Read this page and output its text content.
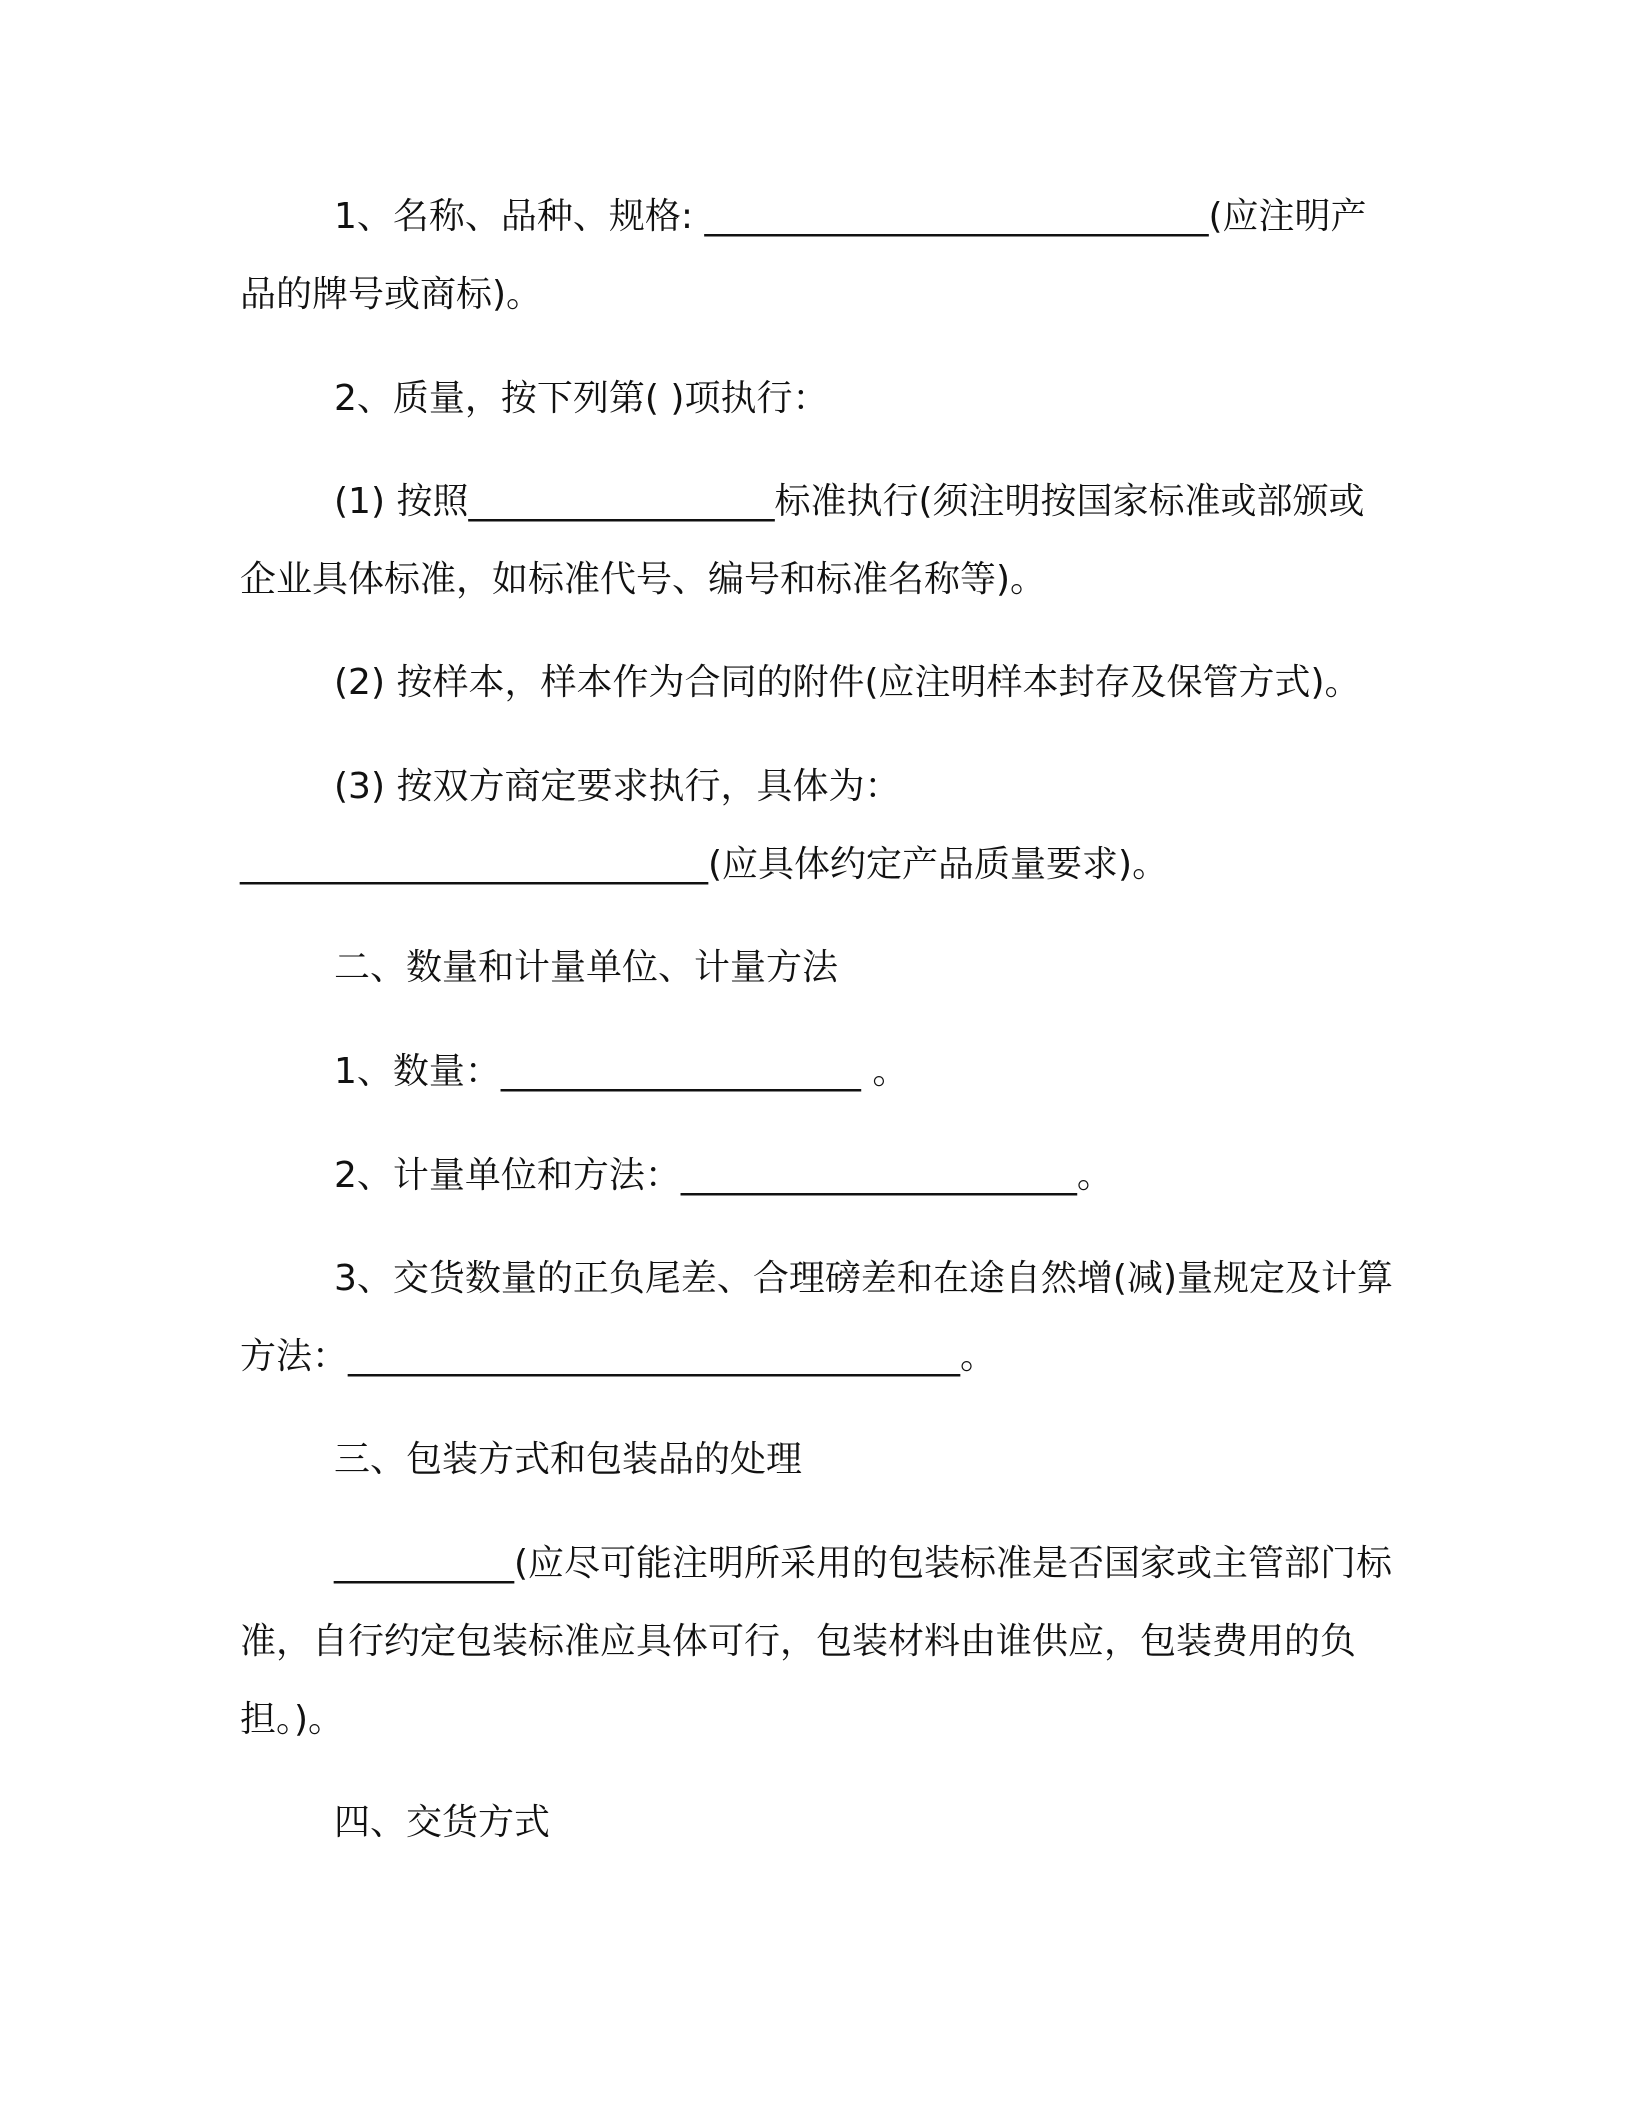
1、名称、品种、规格: ____________________________(应注明产品的牌号或商标)。

2、质量，按下列第( )项执行：

(1) 按照_________________标准执行(须注明按国家标准或部颁或企业具体标准，如标准代号、编号和标准名称等)。

(2) 按样本，样本作为合同的附件(应注明样本封存及保管方式)。

(3) 按双方商定要求执行，具体为：__________________________(应具体约定产品质量要求)。

二、数量和计量单位、计量方法

1、数量：____________________ 。

2、计量单位和方法：______________________。

3、交货数量的正负尾差、合理磅差和在途自然增(减)量规定及计算方法：__________________________________。

三、包装方式和包装品的处理

__________(应尽可能注明所采用的包装标准是否国家或主管部门标准，自行约定包装标准应具体可行，包装材料由谁供应，包装费用的负担。)。

四、交货方式
